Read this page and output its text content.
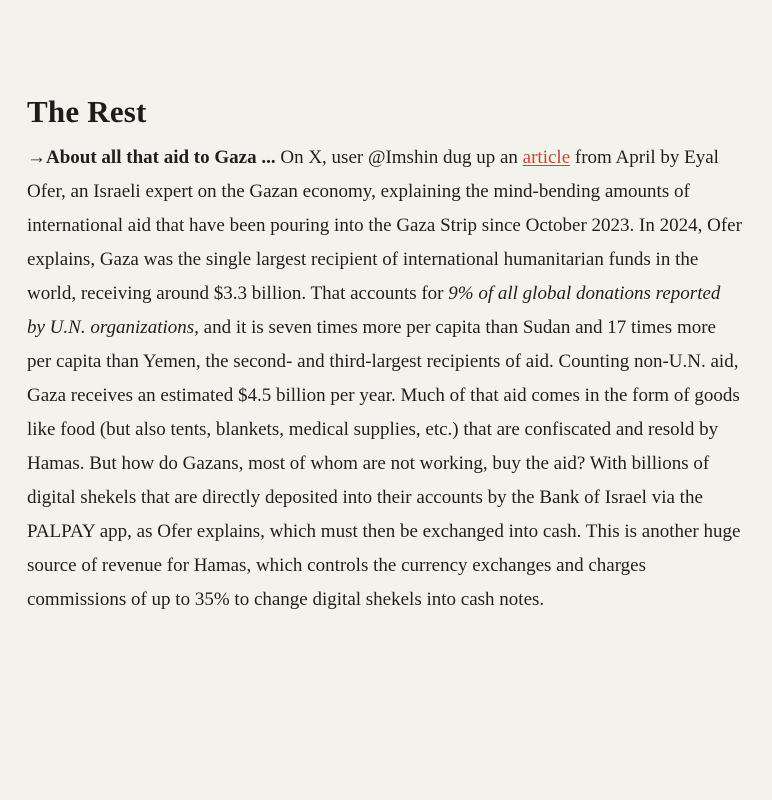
The Rest

→About all that aid to Gaza ... On X, user @Imshin dug up an article from April by Eyal Ofer, an Israeli expert on the Gazan economy, explaining the mind-bending amounts of international aid that have been pouring into the Gaza Strip since October 2023. In 2024, Ofer explains, Gaza was the single largest recipient of international humanitarian funds in the world, receiving around $3.3 billion. That accounts for 9% of all global donations reported by U.N. organizations, and it is seven times more per capita than Sudan and 17 times more per capita than Yemen, the second- and third-largest recipients of aid. Counting non-U.N. aid, Gaza receives an estimated $4.5 billion per year. Much of that aid comes in the form of goods like food (but also tents, blankets, medical supplies, etc.) that are confiscated and resold by Hamas. But how do Gazans, most of whom are not working, buy the aid? With billions of digital shekels that are directly deposited into their accounts by the Bank of Israel via the PALPAY app, as Ofer explains, which must then be exchanged into cash. This is another huge source of revenue for Hamas, which controls the currency exchanges and charges commissions of up to 35% to change digital shekels into cash notes.
